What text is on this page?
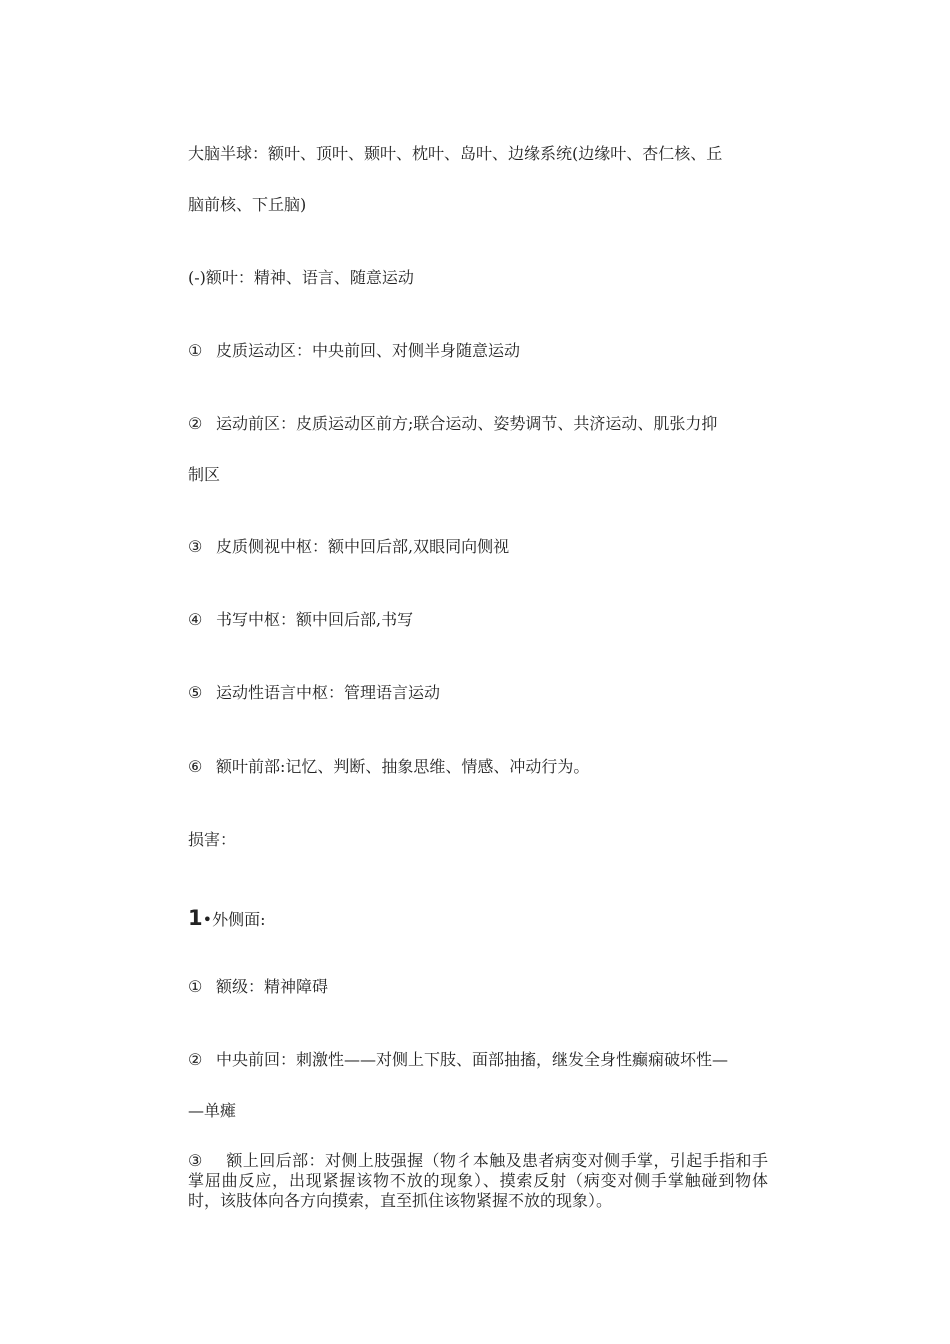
大脑半球：额叶、顶叶、颞叶、枕叶、岛叶、边缘系统(边缘叶、杏仁核、丘
脑前核、下丘脑)
(-)额叶：精神、语言、随意运动
① 皮质运动区：中央前回、对侧半身随意运动
② 运动前区：皮质运动区前方;联合运动、姿势调节、共济运动、肌张力抑
制区
③ 皮质侧视中枢：额中回后部,双眼同向侧视
④ 书写中枢：额中回后部,书写
⑤ 运动性语言中枢：管理语言运动
⑥ 额叶前部:记忆、判断、抽象思维、情感、冲动行为。
损害：
1•外侧面:
① 额级：精神障碍
② 中央前回：刺激性——对侧上下肢、面部抽搐，继发全身性癫痫破坏性—
—单瘫
③ 额上回后部：对侧上肢强握（物彳本触及患者病变对侧手掌，引起手指和手掌屈曲反应，出现紧握该物不放的现象）、摸索反射（病变对侧手掌触碰到物体时，该肢体向各方向摸索，直至抓住该物紧握不放的现象）。
